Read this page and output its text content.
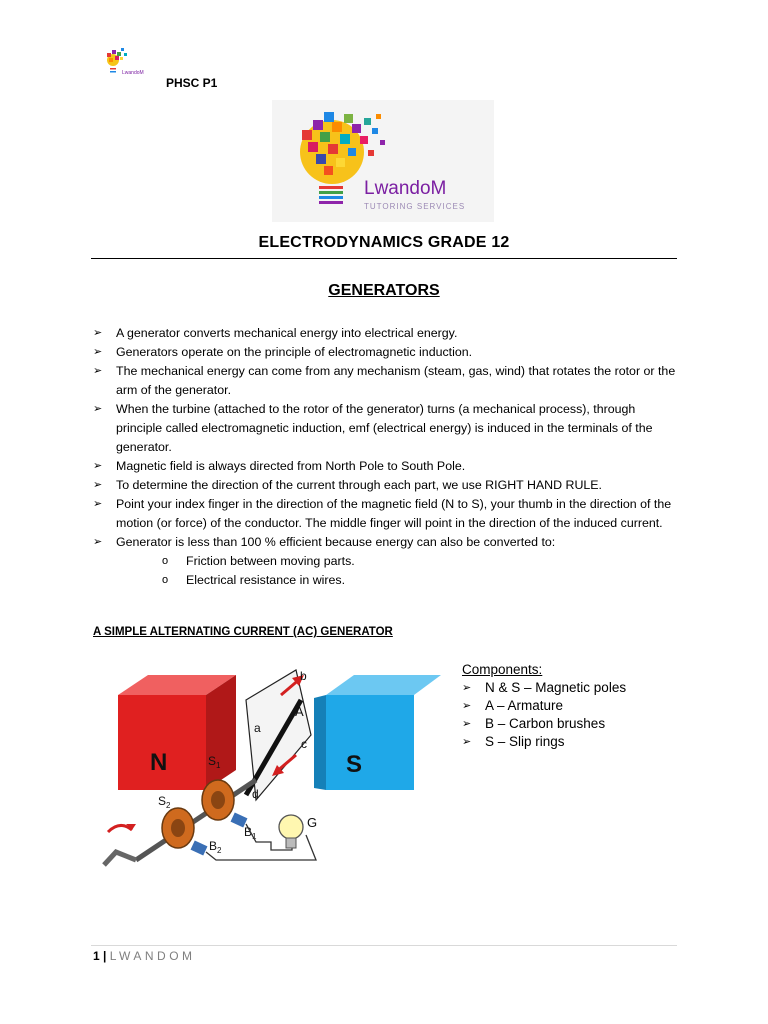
LwandoM
PHSC P1
LwandoM
TUTORING SERVICES
ELECTRODYNAMICS GRADE 12
GENERATORS
➢ A generator converts mechanical energy into electrical energy.
➢ Generators operate on the principle of electromagnetic induction.
➢ The mechanical energy can come from any mechanism (steam, gas, wind) that rotates the rotor or the arm of the generator.
➢ When the turbine (attached to the rotor of the generator) turns (a mechanical process), through principle called electromagnetic induction, emf (electrical energy) is induced in the terminals of the generator.
➢ Magnetic field is always directed from North Pole to South Pole.
➢ To determine the direction of the current through each part, we use RIGHT HAND RULE.
➢ Point your index finger in the direction of the magnetic field (N to S), your thumb in the direction of the motion (or force) of the conductor. The middle finger will point in the direction of the induced current.
➢ Generator is less than 100 % efficient because energy can also be converted to:
o Friction between moving parts.
o Electrical resistance in wires.
A SIMPLE ALTERNATING CURRENT (AC) GENERATOR
N	S
a
b
c
d
A
$S_1$
$S_2$
$B_1$
$B_2$
G
Components:
➢ N & S – Magnetic poles
➢ A – Armature
➢ B – Carbon brushes
➢ S – Slip rings
1 | LWANDOM
